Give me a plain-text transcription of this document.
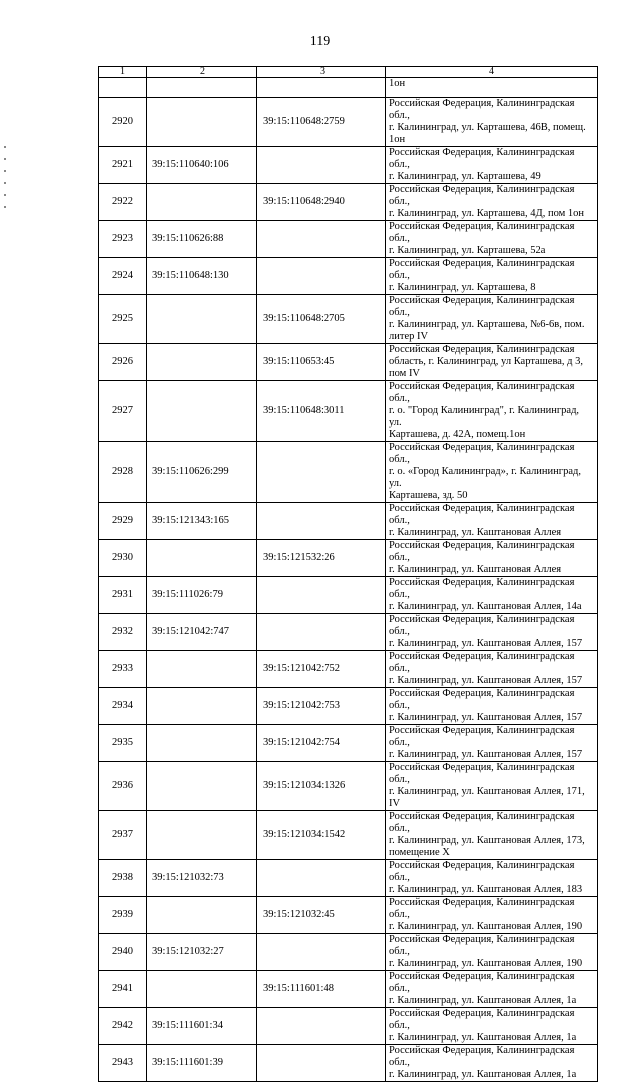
119
1	2	3	4

			1он

2920		39:15:110648:2759	Российская Федерация, Калининградская обл.,
г. Калининград, ул. Карташева, 46В, помещ.
1он

2921	39:15:110640:106		Российская Федерация, Калининградская обл.,
г. Калининград, ул. Карташева, 49

2922		39:15:110648:2940	Российская Федерация, Калининградская обл.,
г. Калининград, ул. Карташева, 4Д, пом 1он

2923	39:15:110626:88		Российская Федерация, Калининградская обл.,
г. Калининград, ул. Карташева, 52а

2924	39:15:110648:130		Российская Федерация, Калининградская обл.,
г. Калининград, ул. Карташева, 8

2925		39:15:110648:2705	Российская Федерация, Калининградская обл.,
г. Калининград, ул. Карташева, №6-6в, пом.
литер IV

2926		39:15:110653:45	Российская Федерация, Калининградская
область, г. Калининград, ул Карташева, д 3,
пом IV

2927		39:15:110648:3011	Российская Федерация, Калининградская обл.,
г. о. "Город Калининград", г. Калининград, ул.
Карташева, д. 42А, помещ.1он

2928	39:15:110626:299		Российская Федерация, Калининградская обл.,
г. о. «Город Калининград», г. Калининград, ул.
Карташева, зд. 50

2929	39:15:121343:165		Российская Федерация, Калининградская обл.,
г. Калининград, ул. Каштановая Аллея

2930		39:15:121532:26	Российская Федерация, Калининградская обл.,
г. Калининград, ул. Каштановая Аллея

2931	39:15:111026:79		Российская Федерация, Калининградская обл.,
г. Калининград, ул. Каштановая Аллея, 14а

2932	39:15:121042:747		Российская Федерация, Калининградская обл.,
г. Калининград, ул. Каштановая Аллея, 157

2933		39:15:121042:752	Российская Федерация, Калининградская обл.,
г. Калининград, ул. Каштановая Аллея, 157

2934		39:15:121042:753	Российская Федерация, Калининградская обл.,
г. Калининград, ул. Каштановая Аллея, 157

2935		39:15:121042:754	Российская Федерация, Калининградская обл.,
г. Калининград, ул. Каштановая Аллея, 157

2936		39:15:121034:1326	Российская Федерация, Калининградская обл.,
г. Калининград, ул. Каштановая Аллея, 171, IV

2937		39:15:121034:1542	Российская Федерация, Калининградская обл.,
г. Калининград, ул. Каштановая Аллея, 173,
помещение X

2938	39:15:121032:73		Российская Федерация, Калининградская обл.,
г. Калининград, ул. Каштановая Аллея, 183

2939		39:15:121032:45	Российская Федерация, Калининградская обл.,
г. Калининград, ул. Каштановая Аллея, 190

2940	39:15:121032:27		Российская Федерация, Калининградская обл.,
г. Калининград, ул. Каштановая Аллея, 190

2941		39:15:111601:48	Российская Федерация, Калининградская обл.,
г. Калининград, ул. Каштановая Аллея, 1а

2942	39:15:111601:34		Российская Федерация, Калининградская обл.,
г. Калининград, ул. Каштановая Аллея, 1а

2943	39:15:111601:39		Российская Федерация, Калининградская обл.,
г. Калининград, ул. Каштановая Аллея, 1а
